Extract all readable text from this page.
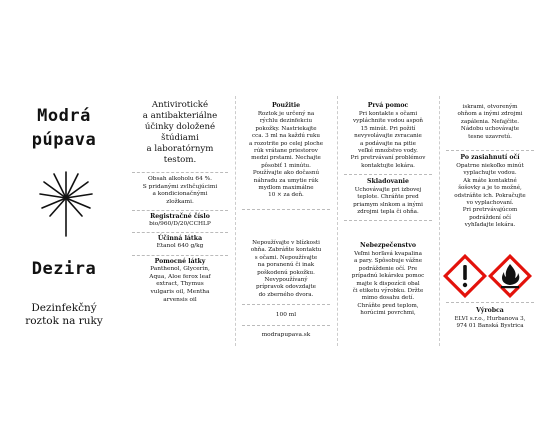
Modrá
púpava
Dezira
Dezinfekčný
roztok na ruky
Antivirotické
a antibakteriálne
účinky doložené
štúdiami
a laboratórnym
testom.
Obsah alkoholu 64 %.
S pridanými zvlhčujúcimi
a kondicionačnými
zložkami.
Registračné číslo
bio/960/D/20/CCHLP
Účinná látka
Etanol 640 g/kg
Pomocné látky
Panthenol, Glycerin,
Aqua, Aloe ferox leaf
extract, Thymus
vulgaris oil, Mentha
arvensis oil
Použitie
Roztok je určený na
rýchlu dezinfekciu
pokožky. Nastriekajte
cca. 3 ml na každú ruku
a rozotrite po celej ploche
rúk vrátane priestorov
medzi prstami. Nechajte
pôsobiť 1 minútu.
Používajte ako dočasnú
náhradu za umytie rúk
mydlom maximálne
10 × za deň.
Nepoužívajte v blízkosti
ohňa. Zabráňte kontaktu
s očami. Nepoužívajte
na poranenú či inak
poškodenú pokožku.
Nevypoužívaný
prípravok odovzdajte
do zberného dvora.
100 ml
modrapupava.sk
Prvá pomoc
Pri kontakte s očami
vypláchnite vodou aspoň
15 minút. Pri požití
nevyvolávajte zvracanie
a podávajte na pitie
veľké množstvo vody.
Pri pretrvávaní problémov
kontaktujte lekára.
Skladovanie
Uchovávajte pri izbovej
teplote. Chráňte pred
priamym slnkom a inými
zdrojmi tepla či ohňa.
Nebezpečenstvo
Veľmi horľavá kvapalina
a pary. Spôsobuje vážne
podráždenie očí. Pre
prípadnú lekársku pomoc
majte k dispozícii obal
či etiketu výrobku. Držte
mimo dosahu detí.
Chráňte pred teplom,
horúcimi povrchmi,
iskrami, otvoreným
ohňom a inými zdrojmi
zapálenia. Nefajčite.
Nádobu uchovávajte
tesne uzavretú.
Po zasiahnutí očí
Opatrne niekoľko minút
vyplachujte vodou.
Ak máte kontaktné
šošovky a je to možné,
odstráňte ich. Pokračujte
vo vyplachovaní.
Pri pretrvávajúcom
podráždení očí
vyhľadajte lekára.
Výrobca
ELVI s.r.o., Hurbanova 3,
974 01 Banská Bystrica
